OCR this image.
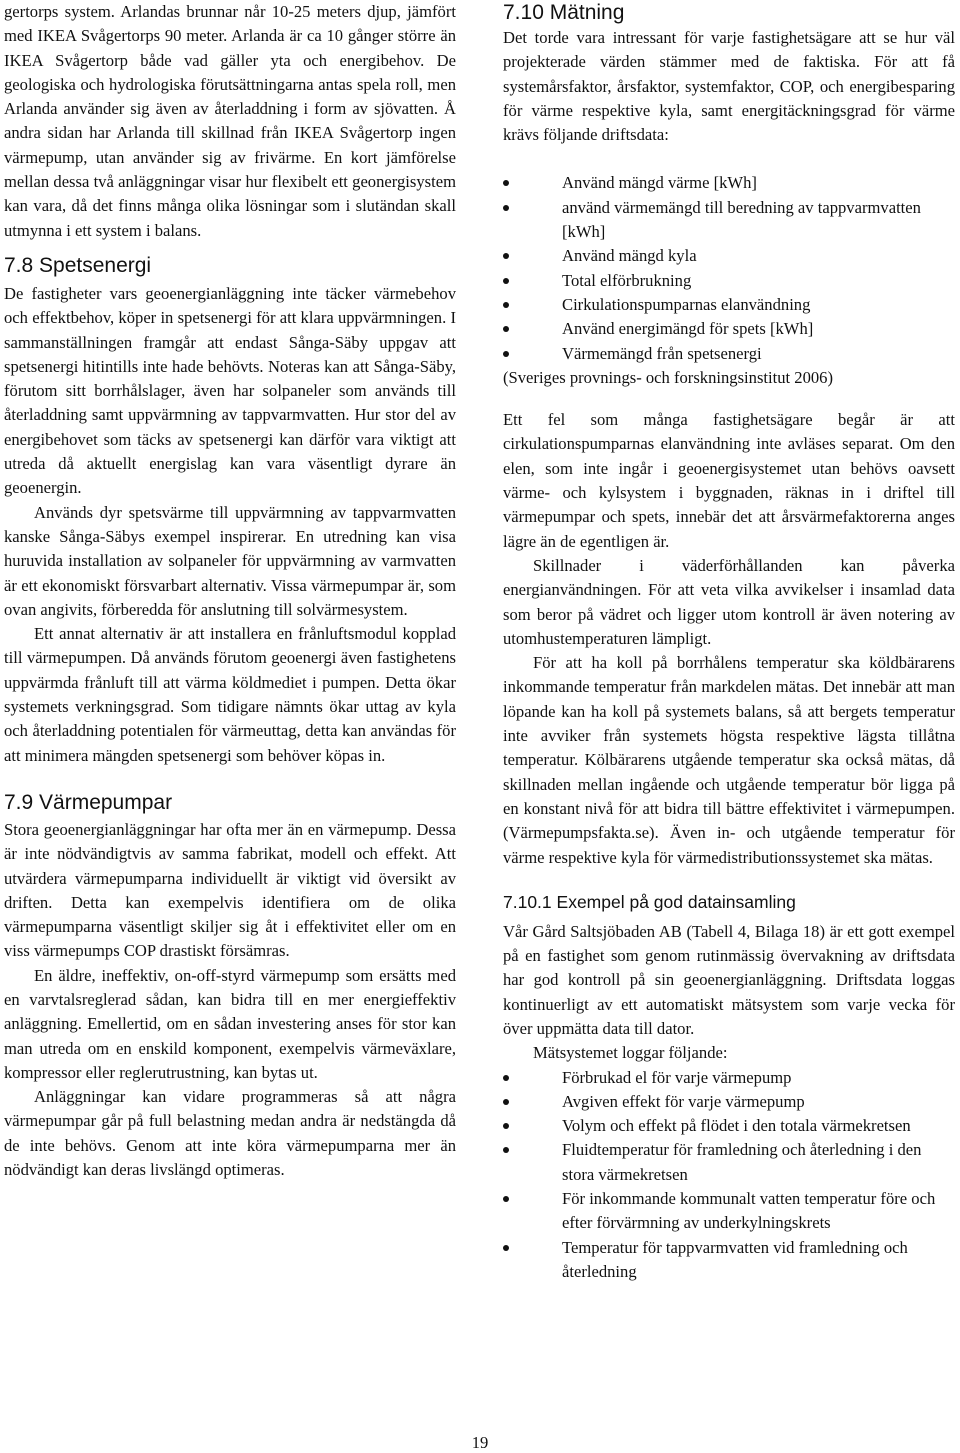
gertorps system. Arlandas brunnar når 10-25 meters djup, jämfört med IKEA Svågertorps 90 meter. Arlanda är ca 10 gånger större än IKEA Svågertorp både vad gäller yta och energibehov. De geologiska och hydrologiska förutsättningarna antas spela roll, men Arlanda använder sig även av återladdning i form av sjövatten. Å andra sidan har Arlanda till skillnad från IKEA Svågertorp ingen värmepump, utan använder sig av frivärme. En kort jämförelse mellan dessa två anläggningar visar hur flexibelt ett geonergisystem kan vara, då det finns många olika lösningar som i slutändan skall utmynna i ett system i balans.

7.8 Spetsenergi

De fastigheter vars geoenergianläggning inte täcker värmebehov och effektbehov, köper in spetsenergi för att klara uppvärmningen. I sammanställningen framgår att endast Sånga-Säby uppgav att spetsenergi hitintills inte hade behövts. Noteras kan att Sånga-Säby, förutom sitt borrhålslager, även har solpaneler som används till återladdning samt uppvärmning av tappvarmvatten. Hur stor del av energibehovet som täcks av spetsenergi kan därför vara viktigt att utreda då aktuellt energislag kan vara väsentligt dyrare än geoenergin.

Används dyr spetsvärme till uppvärmning av tappvarmvatten kanske Sånga-Säbys exempel inspirerar. En utredning kan visa huruvida installation av solpaneler för uppvärmning av varmvatten är ett ekonomiskt försvarbart alternativ. Vissa värmepumpar är, som ovan angivits, förberedda för anslutning till solvärmesystem.

Ett annat alternativ är att installera en frånluftsmodul kopplad till värmepumpen. Då används förutom geoenergi även fastighetens uppvärmda frånluft till att värma köldmediet i pumpen. Detta ökar systemets verkningsgrad. Som tidigare nämnts ökar uttag av kyla och återladdning potentialen för värmeuttag, detta kan användas för att minimera mängden spetsenergi som behöver köpas in.

7.9 Värmepumpar

Stora geoenergianläggningar har ofta mer än en värmepump. Dessa är inte nödvändigtvis av samma fabrikat, modell och effekt. Att utvärdera värmepumparna individuellt är viktigt vid översikt av driften. Detta kan exempelvis identifiera om de olika värmepumparna väsentligt skiljer sig åt i effektivitet eller om en viss värmepumps COP drastiskt försämras.

En äldre, ineffektiv, on-off-styrd värmepump som ersätts med en varvtalsreglerad sådan, kan bidra till en mer energieffektiv anläggning. Emellertid, om en sådan investering anses för stor kan man utreda om en enskild komponent, exempelvis värmeväxlare, kompressor eller reglerutrustning, kan bytas ut.

Anläggningar kan vidare programmeras så att några värmepumpar går på full belastning medan andra är nedstängda då de inte behövs. Genom att inte köra värmepumparna mer än nödvändigt kan deras livslängd optimeras.

7.10 Mätning

Det torde vara intressant för varje fastighetsägare att se hur väl projekterade värden stämmer med de faktiska. För att få systemårsfaktor, årsfaktor, systemfaktor, COP, och energibesparing för värme respektive kyla, samt energitäckningsgrad för värme krävs följande driftsdata:

Använd mängd värme [kWh]
använd värmemängd till beredning av tappvarmvatten [kWh]
Använd mängd kyla
Total elförbrukning
Cirkulationspumparnas elanvändning
Använd energimängd för spets [kWh]
Värmemängd från spetsenergi

(Sveriges provnings- och forskningsinstitut 2006)

Ett fel som många fastighetsägare begår är att cirkulationspumparnas elanvändning inte avläses separat. Om den elen, som inte ingår i geoenergisystemet utan behövs oavsett värme- och kylsystem i byggnaden, räknas in i driftel till värmepumpar och spets, innebär det att årsvärmefaktorerna anges lägre än de egentligen är.

Skillnader i väderförhållanden kan påverka energianvändningen. För att veta vilka avvikelser i insamlad data som beror på vädret och ligger utom kontroll är även notering av utomhustemperaturen lämpligt.

För att ha koll på borrhålens temperatur ska köldbärarens inkommande temperatur från markdelen mätas. Det innebär att man löpande kan ha koll på systemets balans, så att bergets temperatur inte avviker från systemets högsta respektive lägsta tillåtna temperatur. Kölbärarens utgående temperatur ska också mätas, då skillnaden mellan ingående och utgående temperatur bör ligga på en konstant nivå för att bidra till bättre effektivitet i värmepumpen. (Värmepumpsfakta.se). Även in- och utgående temperatur för värme respektive kyla för värmedistributionssystemet ska mätas.

7.10.1 Exempel på god datainsamling

Vår Gård Saltsjöbaden AB (Tabell 4, Bilaga 18) är ett gott exempel på en fastighet som genom rutinmässig övervakning av driftsdata har god kontroll på sin geoenergianläggning. Driftsdata loggas kontinuerligt av ett automatiskt mätsystem som varje vecka för över uppmätta data till dator.

Mätsystemet loggar följande:

Förbrukad el för varje värmepump
Avgiven effekt för varje värmepump
Volym och effekt på flödet i den totala värmekretsen
Fluidtemperatur för framledning och återledning i den stora värmekretsen
För inkommande kommunalt vatten temperatur före och efter förvärmning av underkylningskrets
Temperatur för tappvarmvatten vid framledning och återledning
19
